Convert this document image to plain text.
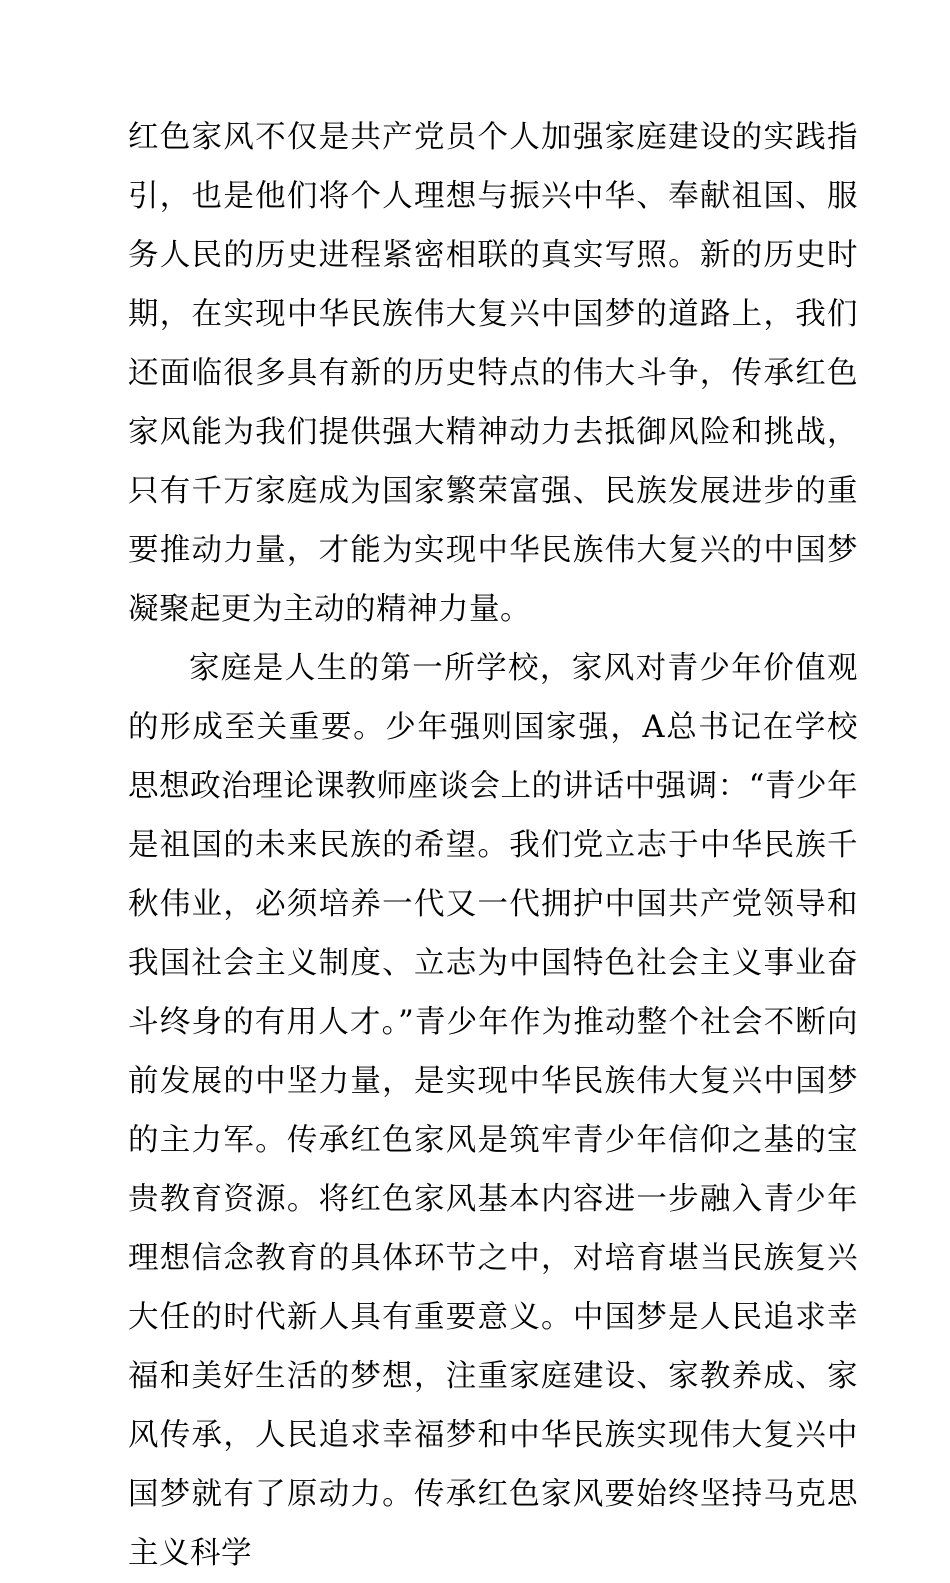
红色家风不仅是共产党员个人加强家庭建设的实践指引，也是他们将个人理想与振兴中华、奉献祖国、服务人民的历史进程紧密相联的真实写照。新的历史时期，在实现中华民族伟大复兴中国梦的道路上，我们还面临很多具有新的历史特点的伟大斗争，传承红色家风能为我们提供强大精神动力去抵御风险和挑战，只有千万家庭成为国家繁荣富强、民族发展进步的重要推动力量，才能为实现中华民族伟大复兴的中国梦凝聚起更为主动的精神力量。

家庭是人生的第一所学校，家风对青少年价值观的形成至关重要。少年强则国家强，A总书记在学校思想政治理论课教师座谈会上的讲话中强调：“青少年是祖国的未来民族的希望。我们党立志于中华民族千秋伟业，必须培养一代又一代拥护中国共产党领导和我国社会主义制度、立志为中国特色社会主义事业奋斗终身的有用人才。”青少年作为推动整个社会不断向前发展的中坚力量，是实现中华民族伟大复兴中国梦的主力军。传承红色家风是筑牢青少年信仰之基的宝贵教育资源。将红色家风基本内容进一步融入青少年理想信念教育的具体环节之中，对培育堪当民族复兴大任的时代新人具有重要意义。中国梦是人民追求幸福和美好生活的梦想，注重家庭建设、家教养成、家风传承，人民追求幸福梦和中华民族实现伟大复兴中国梦就有了原动力。传承红色家风要始终坚持马克思主义科学
